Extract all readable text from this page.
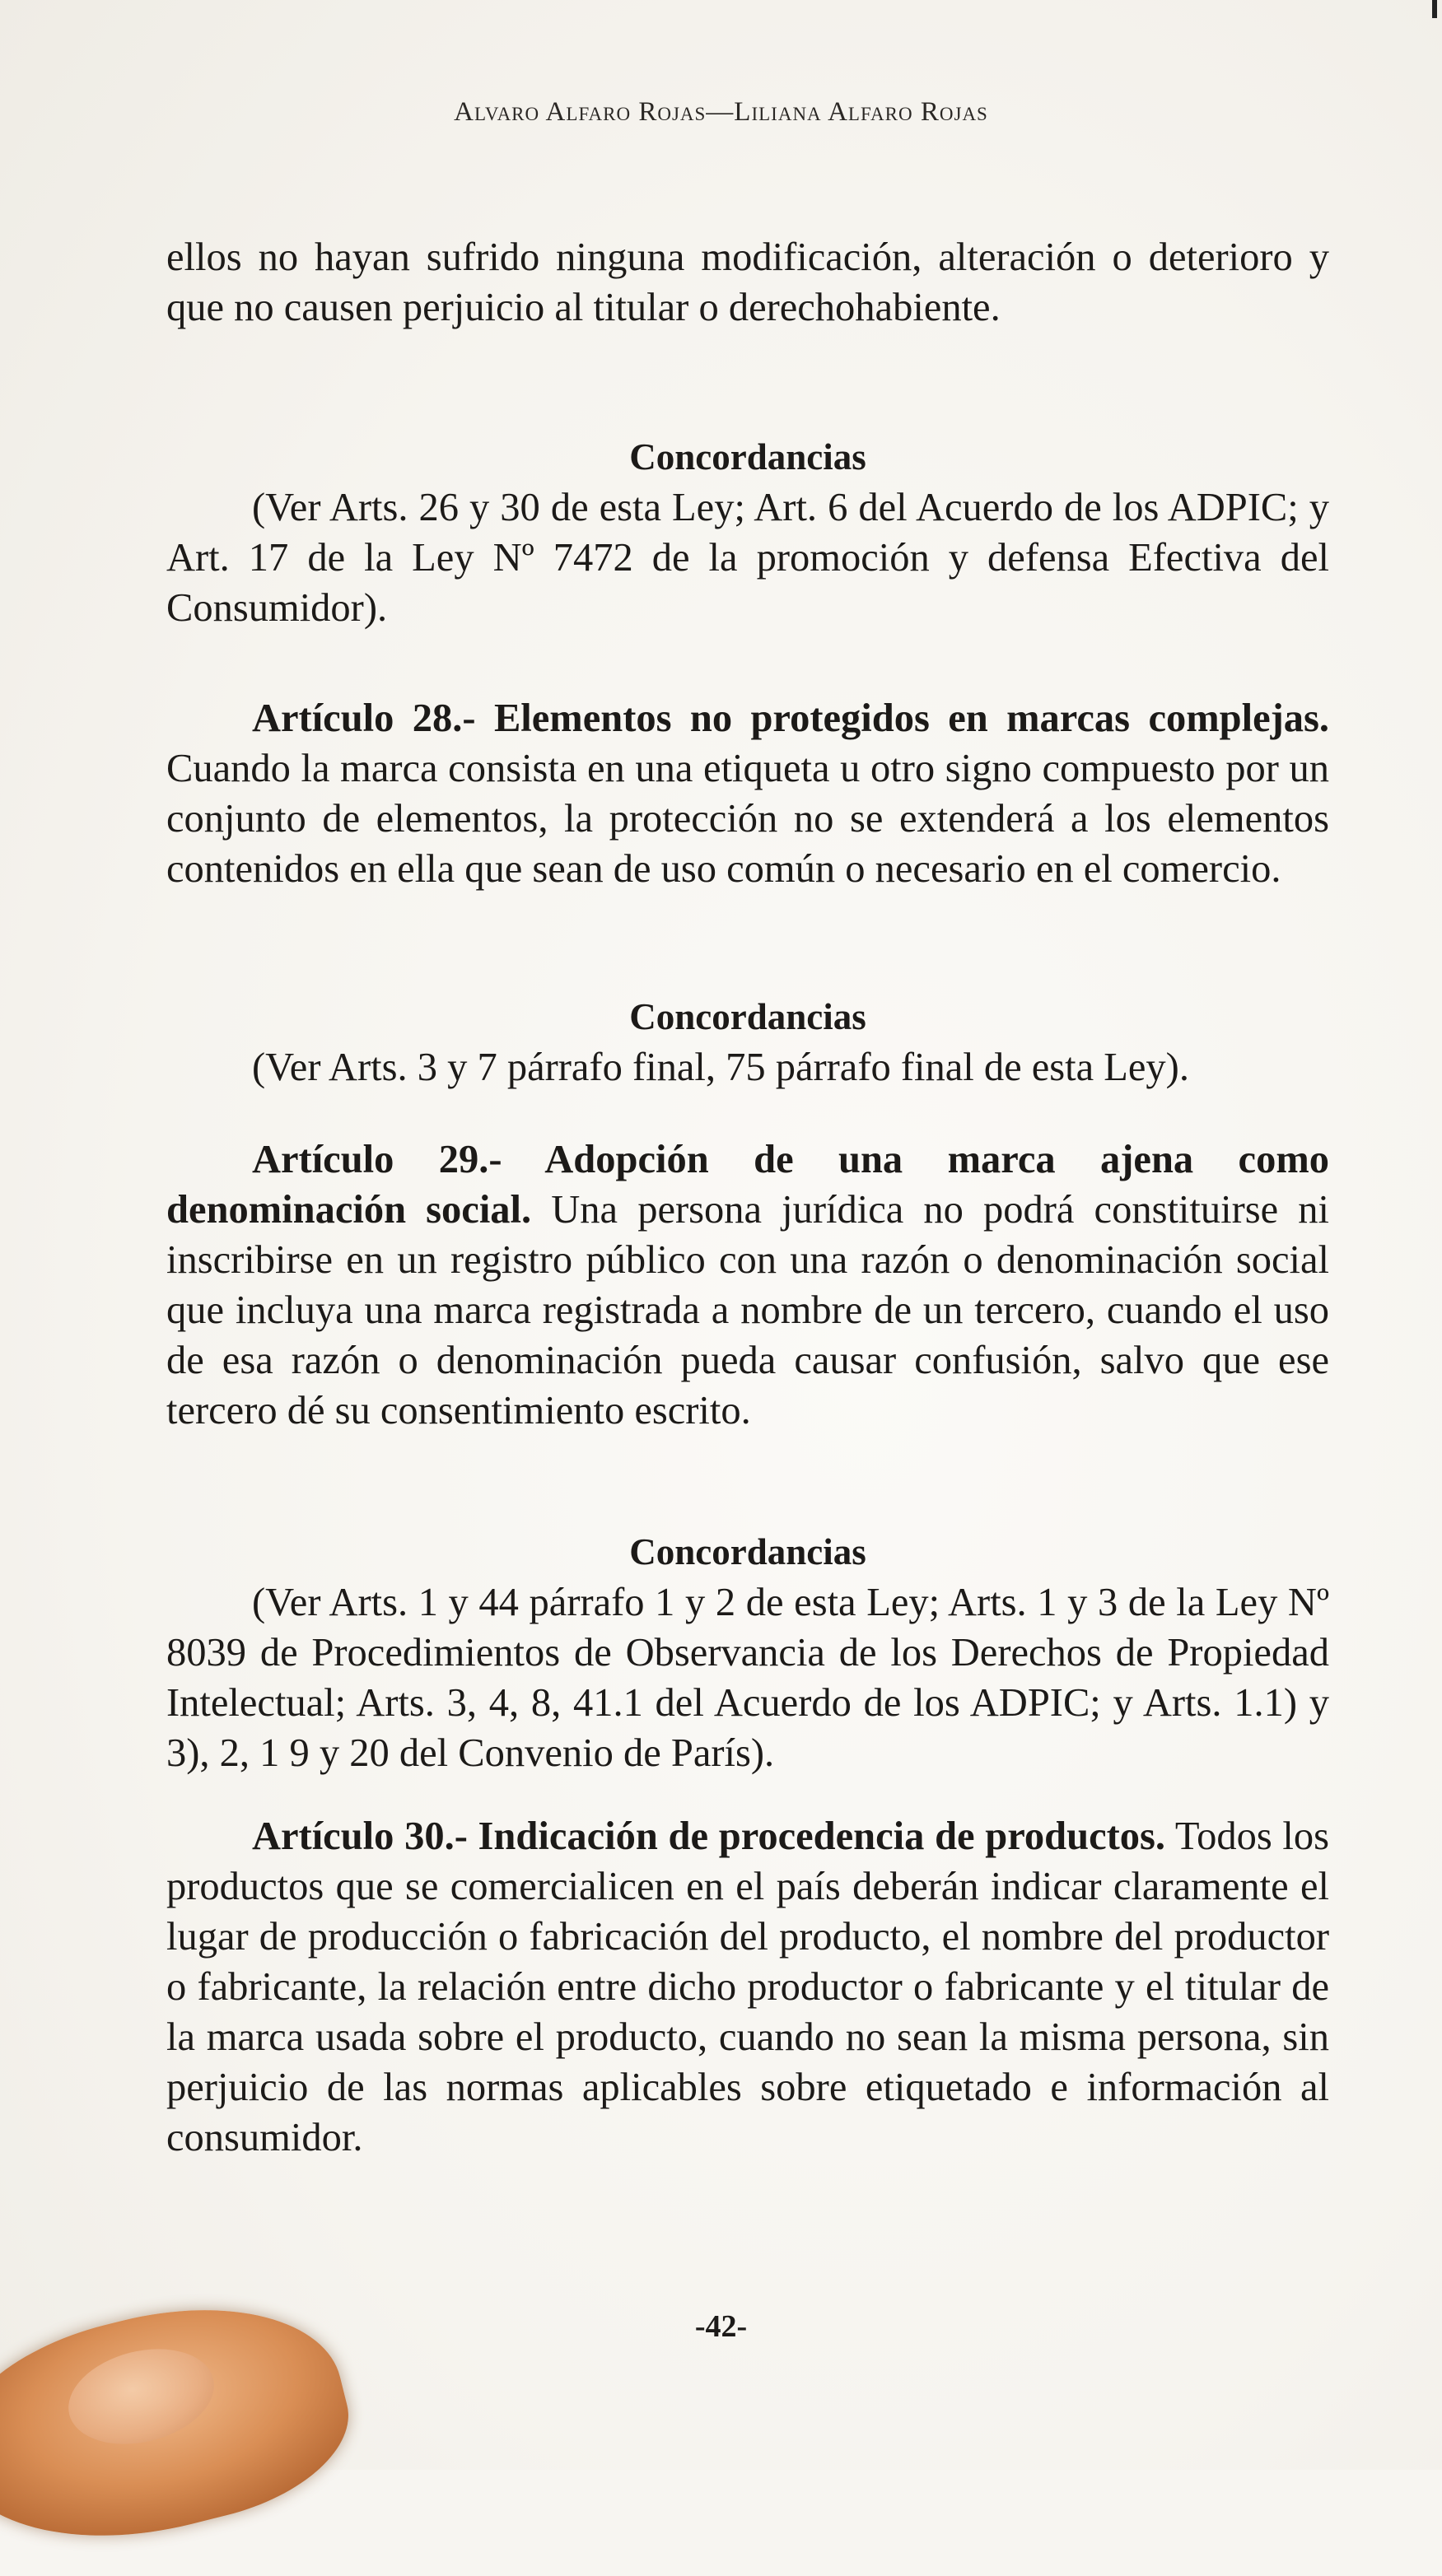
Alvaro Alfaro Rojas—Liliana Alfaro Rojas

ellos no hayan sufrido ninguna modificación, alteración o deterioro y que no causen perjuicio al titular o derechohabiente.

Concordancias

(Ver Arts. 26 y 30 de esta Ley; Art. 6 del Acuerdo de los ADPIC; y Art. 17 de la Ley Nº 7472 de la promoción y defensa Efectiva del Consumidor).

Artículo 28.- Elementos no protegidos en marcas complejas. Cuando la marca consista en una etiqueta u otro signo compuesto por un conjunto de elementos, la protección no se extenderá a los elementos contenidos en ella que sean de uso común o necesario en el comercio.

Concordancias

(Ver Arts. 3 y 7 párrafo final, 75 párrafo final de esta Ley).

Artículo 29.- Adopción de una marca ajena como denominación social. Una persona jurídica no podrá constituirse ni inscribirse en un registro público con una razón o denominación social que incluya una marca registrada a nombre de un tercero, cuando el uso de esa razón o denominación pueda causar confusión, salvo que ese tercero dé su consentimiento escrito.

Concordancias

(Ver Arts. 1 y 44 párrafo 1 y 2 de esta Ley; Arts. 1 y 3 de la Ley Nº 8039 de Procedimientos de Observancia de los Derechos de Propiedad Intelectual; Arts. 3, 4, 8, 41.1 del Acuerdo de los ADPIC; y Arts. 1.1) y 3), 2, 1 9 y 20 del Convenio de París).

Artículo 30.- Indicación de procedencia de productos. Todos los productos que se comercialicen en el país deberán indicar claramente el lugar de producción o fabricación del producto, el nombre del productor o fabricante, la relación entre dicho productor o fabricante y el titular de la marca usada sobre el producto, cuando no sean la misma persona, sin perjuicio de las normas aplicables sobre etiquetado e información al consumidor.

-42-
